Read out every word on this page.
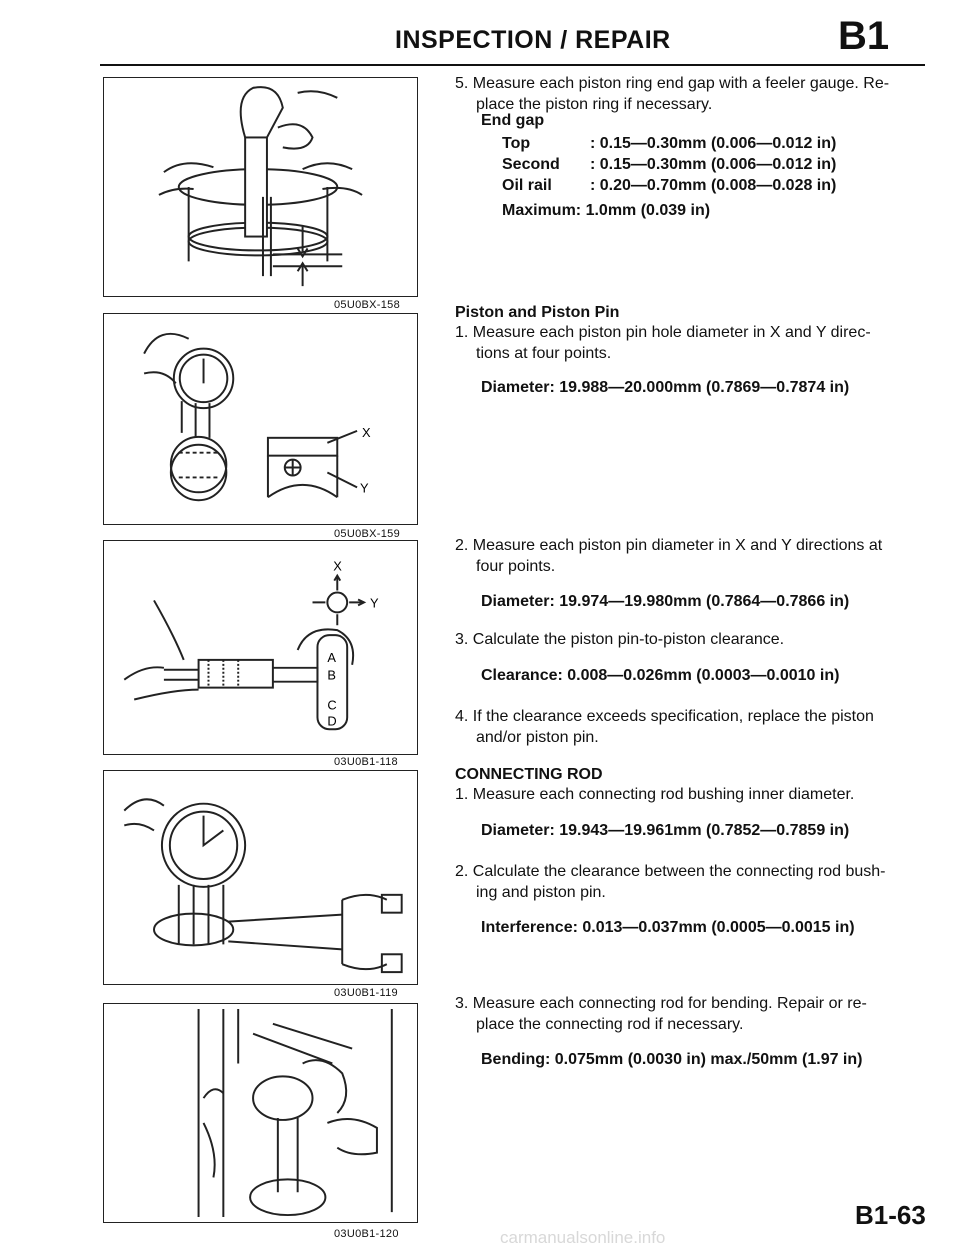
INSPECTION / REPAIR	B1
05U0BX-158
X
Y
05U0BX-159
X
Y
A
B
C
D
03U0B1-118
03U0B1-119
03U0B1-120
5. Measure each piston ring end gap with a feeler gauge. Re-
place the piston ring if necessary.
End gap
Top	: 0.15—0.30mm (0.006—0.012 in)
Second	: 0.15—0.30mm (0.006—0.012 in)
Oil rail	: 0.20—0.70mm (0.008—0.028 in)
Maximum: 1.0mm (0.039 in)
Piston and Piston Pin
1. Measure each piston pin hole diameter in X and Y direc-
tions at four points.
Diameter: 19.988—20.000mm (0.7869—0.7874 in)
2. Measure each piston pin diameter in X and Y directions at
four points.
Diameter: 19.974—19.980mm (0.7864—0.7866 in)
3. Calculate the piston pin-to-piston clearance.
Clearance: 0.008—0.026mm (0.0003—0.0010 in)
4. If the clearance exceeds specification, replace the piston
and/or piston pin.
CONNECTING ROD
1. Measure each connecting rod bushing inner diameter.
Diameter: 19.943—19.961mm (0.7852—0.7859 in)
2. Calculate the clearance between the connecting rod bush-
ing and piston pin.
Interference: 0.013—0.037mm (0.0005—0.0015 in)
3. Measure each connecting rod for bending. Repair or re-
place the connecting rod if necessary.
Bending: 0.075mm (0.0030 in) max./50mm (1.97 in)
B1-63
carmanualsonline.info
